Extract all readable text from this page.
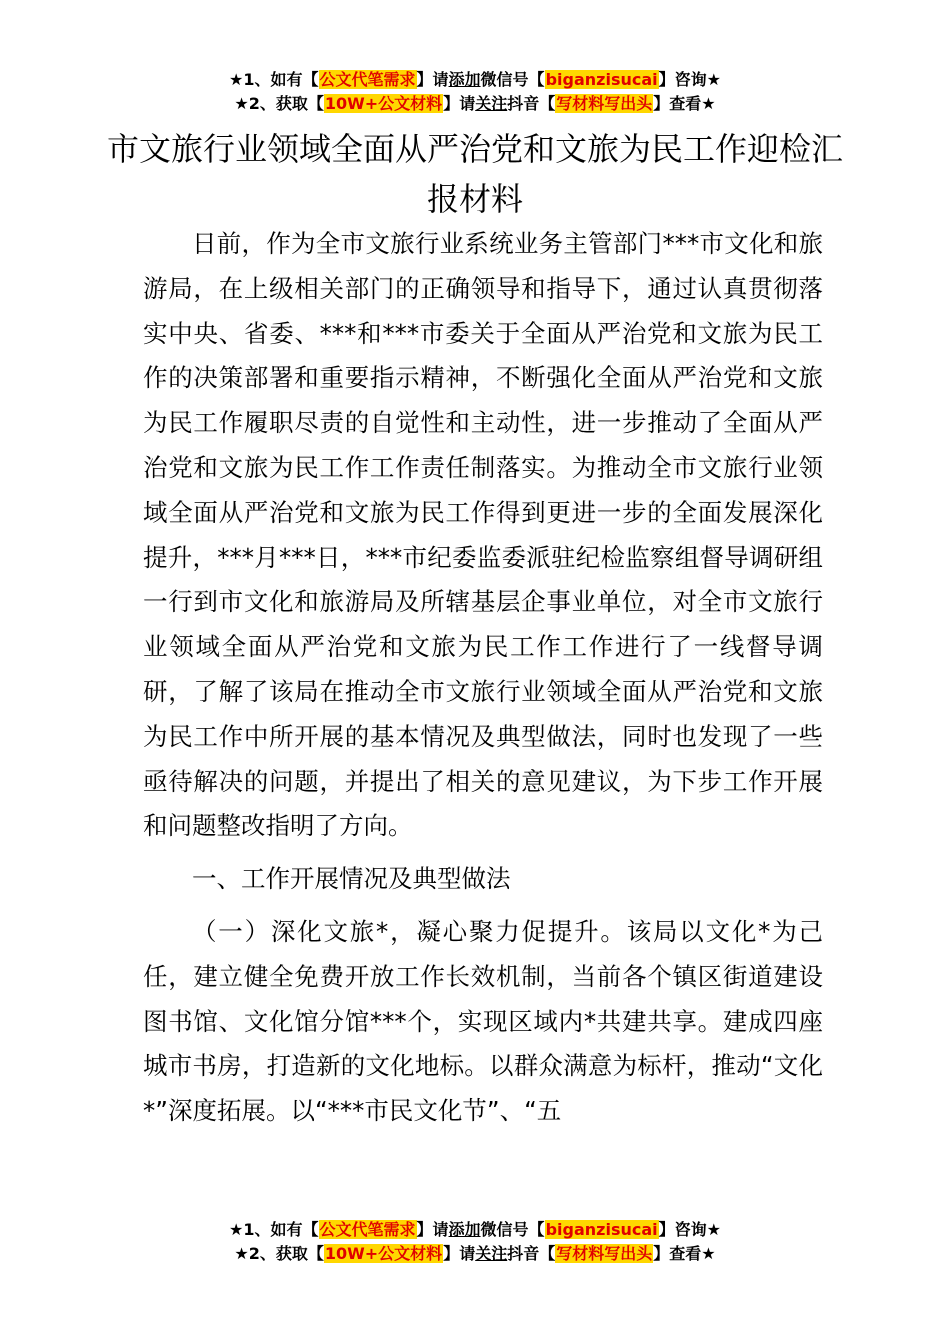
★1、如有【公文代笔需求】请添加微信号【biganzisucai】咨询★
★2、获取【10W+公文材料】请关注抖音【写材料写出头】查看★
市文旅行业领域全面从严治党和文旅为民工作迎检汇报材料

日前，作为全市文旅行业系统业务主管部门***市文化和旅游局，在上级相关部门的正确领导和指导下，通过认真贯彻落实中央、省委、***和***市委关于全面从严治党和文旅为民工作的决策部署和重要指示精神，不断强化全面从严治党和文旅为民工作履职尽责的自觉性和主动性，进一步推动了全面从严治党和文旅为民工作工作责任制落实。为推动全市文旅行业领域全面从严治党和文旅为民工作得到更进一步的全面发展深化提升，***月***日，***市纪委监委派驻纪检监察组督导调研组一行到市文化和旅游局及所辖基层企事业单位，对全市文旅行业领域全面从严治党和文旅为民工作工作进行了一线督导调研，了解了该局在推动全市文旅行业领域全面从严治党和文旅为民工作中所开展的基本情况及典型做法，同时也发现了一些亟待解决的问题，并提出了相关的意见建议，为下步工作开展和问题整改指明了方向。

一、工作开展情况及典型做法

（一）深化文旅*，凝心聚力促提升。该局以文化*为己任，建立健全免费开放工作长效机制，当前各个镇区街道建设图书馆、文化馆分馆***个，实现区域内*共建共享。建成四座城市书房，打造新的文化地标。以群众满意为标杆，推动“文化*”深度拓展。以“***市民文化节”、“五

★1、如有【公文代笔需求】请添加微信号【biganzisucai】咨询★
★2、获取【10W+公文材料】请关注抖音【写材料写出头】查看★
